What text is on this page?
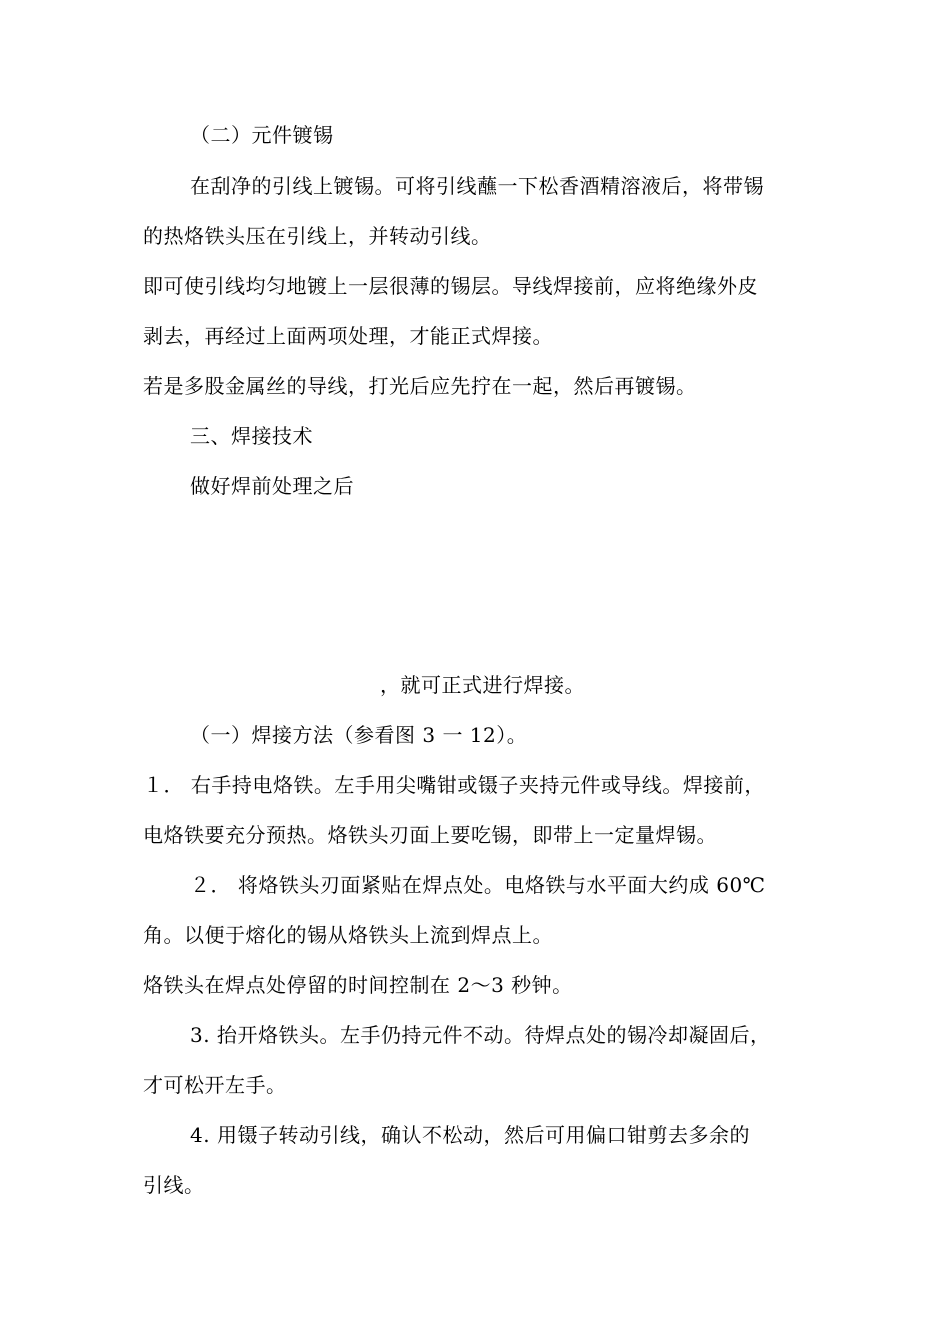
（二）元件镀锡
在刮净的引线上镀锡。可将引线蘸一下松香酒精溶液后，将带锡
的热烙铁头压在引线上，并转动引线。
即可使引线均匀地镀上一层很薄的锡层。导线焊接前，应将绝缘外皮
剥去，再经过上面两项处理，才能正式焊接。
若是多股金属丝的导线，打光后应先拧在一起，然后再镀锡。
三、焊接技术
做好焊前处理之后
，就可正式进行焊接。
（一）焊接方法（参看图 3 一 12）。
１． 右手持电烙铁。左手用尖嘴钳或镊子夹持元件或导线。焊接前，
电烙铁要充分预热。烙铁头刃面上要吃锡，即带上一定量焊锡。
２． 将烙铁头刃面紧贴在焊点处。电烙铁与水平面大约成 60℃
角。以便于熔化的锡从烙铁头上流到焊点上。
烙铁头在焊点处停留的时间控制在 2～3 秒钟。
3. 抬开烙铁头。左手仍持元件不动。待焊点处的锡冷却凝固后，
才可松开左手。
4. 用镊子转动引线，确认不松动，然后可用偏口钳剪去多余的
引线。
